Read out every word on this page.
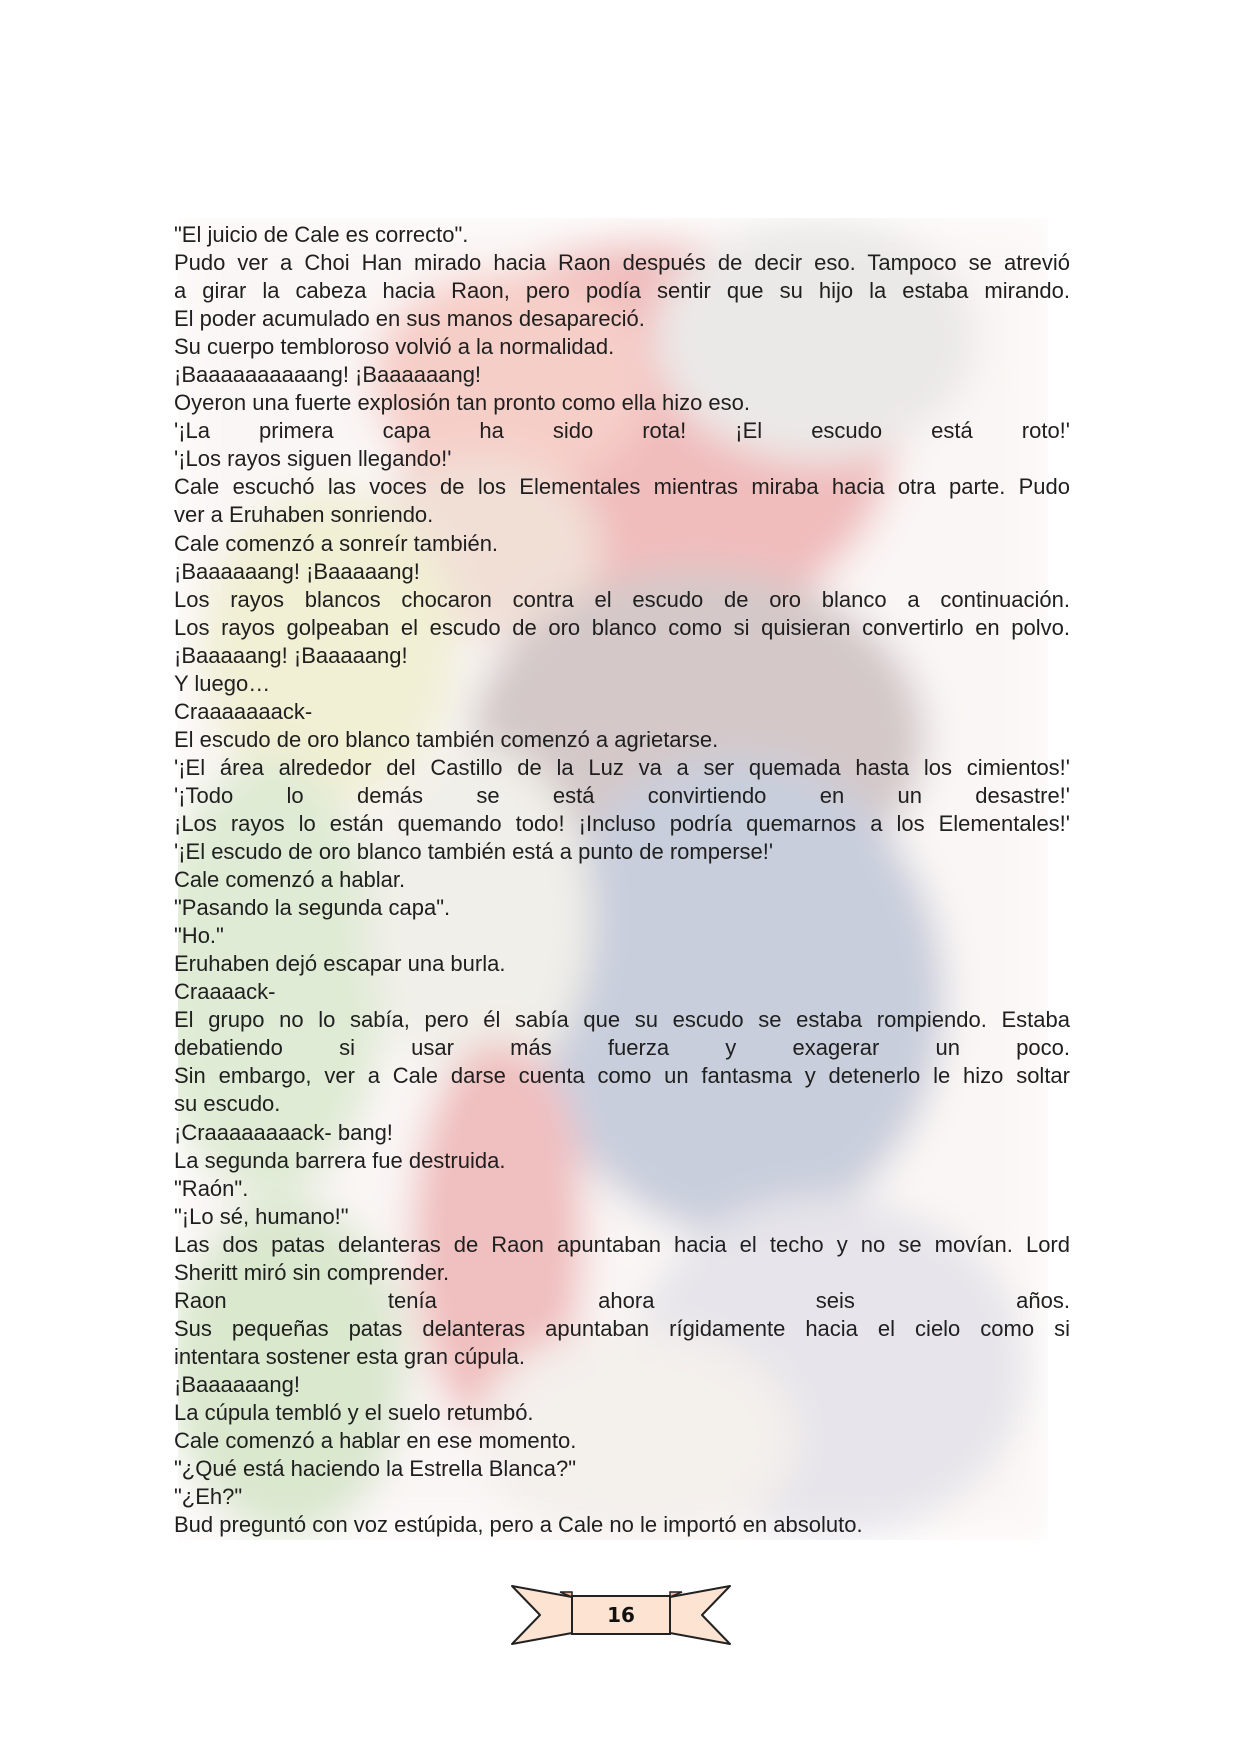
"El juicio de Cale es correcto".

Pudo ver a Choi Han mirado hacia Raon después de decir eso. Tampoco se atrevió

a girar la cabeza hacia Raon, pero podía sentir que su hijo la estaba mirando.

El poder acumulado en sus manos desapareció.

Su cuerpo tembloroso volvió a la normalidad.

¡Baaaaaaaaaang! ¡Baaaaaang!

Oyeron una fuerte explosión tan pronto como ella hizo eso.

'¡La primera capa ha sido rota! ¡El escudo está roto!'

'¡Los rayos siguen llegando!'

Cale escuchó las voces de los Elementales mientras miraba hacia otra parte. Pudo

ver a Eruhaben sonriendo.

Cale comenzó a sonreír también.

¡Baaaaaang! ¡Baaaaang!

Los rayos blancos chocaron contra el escudo de oro blanco a continuación.

Los rayos golpeaban el escudo de oro blanco como si quisieran convertirlo en polvo.

¡Baaaaang! ¡Baaaaang!

Y luego…

Craaaaaaack-

El escudo de oro blanco también comenzó a agrietarse.

'¡El área alrededor del Castillo de la Luz va a ser quemada hasta los cimientos!'

'¡Todo lo demás se está convirtiendo en un desastre!'

¡Los rayos lo están quemando todo! ¡Incluso podría quemarnos a los Elementales!'

'¡El escudo de oro blanco también está a punto de romperse!'

Cale comenzó a hablar.

"Pasando la segunda capa".

"Ho."

Eruhaben dejó escapar una burla.

Craaaack-

El grupo no lo sabía, pero él sabía que su escudo se estaba rompiendo. Estaba

debatiendo si usar más fuerza y exagerar un poco.

Sin embargo, ver a Cale darse cuenta como un fantasma y detenerlo le hizo soltar

su escudo.

¡Craaaaaaaack- bang!

La segunda barrera fue destruida.

"Raón".

"¡Lo sé, humano!"

Las dos patas delanteras de Raon apuntaban hacia el techo y no se movían. Lord

Sheritt miró sin comprender.

Raon tenía ahora seis años.

Sus pequeñas patas delanteras apuntaban rígidamente hacia el cielo como si

intentara sostener esta gran cúpula.

¡Baaaaaang!

La cúpula tembló y el suelo retumbó.

Cale comenzó a hablar en ese momento.

"¿Qué está haciendo la Estrella Blanca?"

"¿Eh?"

Bud preguntó con voz estúpida, pero a Cale no le importó en absoluto.

16
